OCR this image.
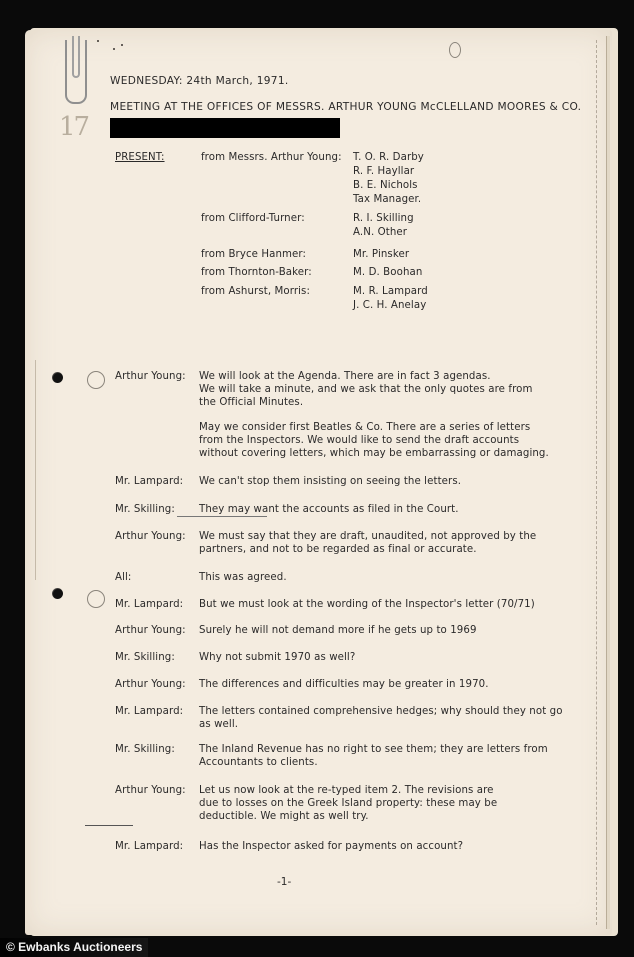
17
WEDNESDAY: 24th March, 1971.
MEETING AT THE OFFICES OF MESSRS. ARTHUR YOUNG McCLELLAND MOORES & CO.
PRESENT:	from Messrs. Arthur Young: T. O. R. Darby
R. F. Hayllar
B. E. Nichols
Tax Manager.
from Clifford-Turner:	R. I. Skilling
A.N. Other
from Bryce Hanmer:	Mr. Pinsker
from Thornton-Baker:	M. D. Boohan
from Ashurst, Morris:	M. R. Lampard
J. C. H. Anelay
Arthur Young: We will look at the Agenda. There are in fact 3 agendas.
We will take a minute, and we ask that the only quotes are from
the Official Minutes.
May we consider first Beatles & Co. There are a series of letters
from the Inspectors. We would like to send the draft accounts
without covering letters, which may be embarrassing or damaging.
Mr. Lampard: We can't stop them insisting on seeing the letters.
Mr. Skilling: They may want the accounts as filed in the Court.
Arthur Young: We must say that they are draft, unaudited, not approved by the
partners, and not to be regarded as final or accurate.
All:	This was agreed.
Mr. Lampard: But we must look at the wording of the Inspector's letter (70/71)
Arthur Young: Surely he will not demand more if he gets up to 1969
Mr. Skilling: Why not submit 1970 as well?
Arthur Young: The differences and difficulties may be greater in 1970.
Mr. Lampard: The letters contained comprehensive hedges; why should they not go
as well.
Mr. Skilling: The Inland Revenue has no right to see them; they are letters from
Accountants to clients.
Arthur Young: Let us now look at the re-typed item 2. The revisions are
due to losses on the Greek Island property: these may be
deductible. We might as well try.
Mr. Lampard: Has the Inspector asked for payments on account?
-1-
© Ewbanks Auctioneers
